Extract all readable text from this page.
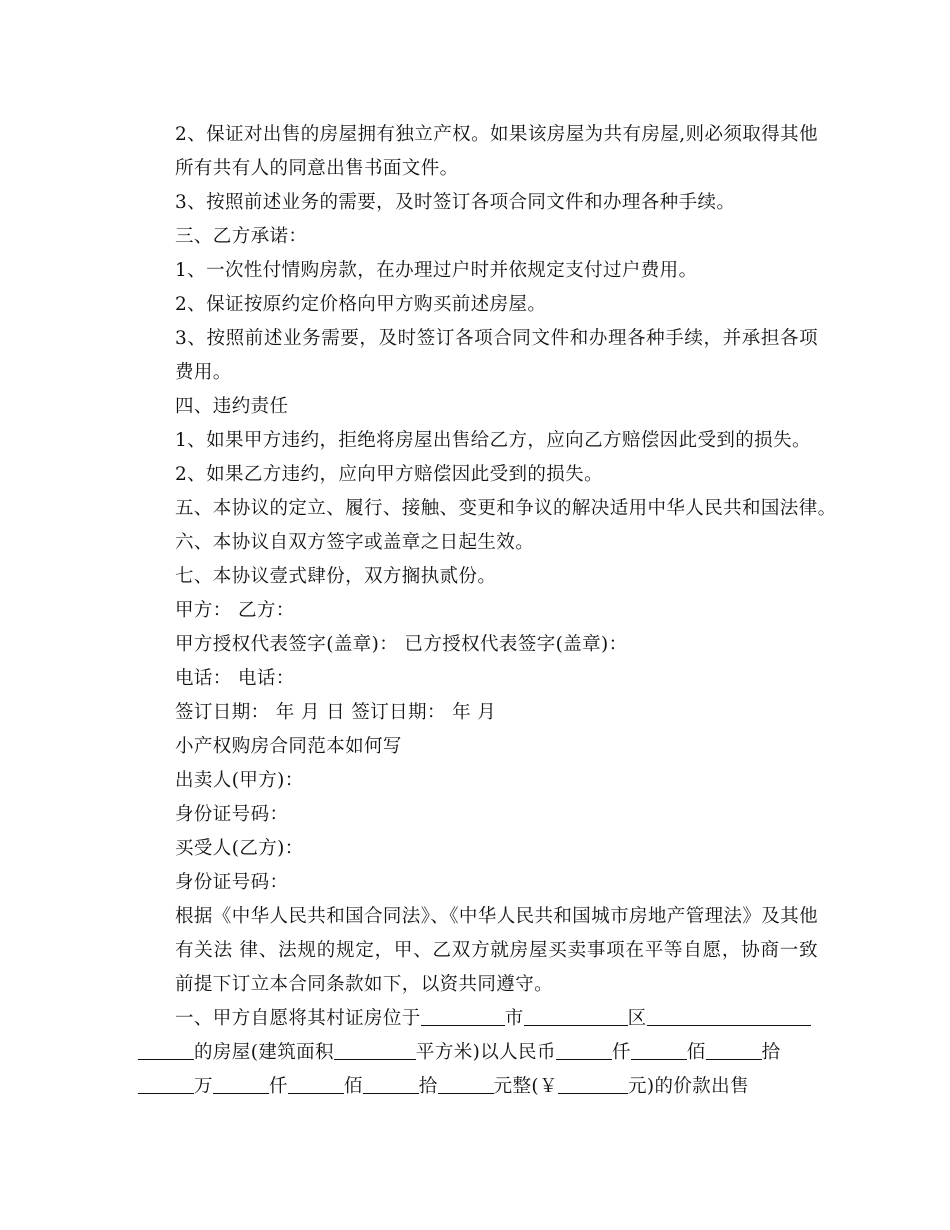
2、保证对出售的房屋拥有独立产权。如果该房屋为共有房屋,则必须取得其他所有共有人的同意出售书面文件。

3、按照前述业务的需要，及时签订各项合同文件和办理各种手续。

三、乙方承诺：

1、一次性付情购房款，在办理过户时并依规定支付过户费用。

2、保证按原约定价格向甲方购买前述房屋。

3、按照前述业务需要，及时签订各项合同文件和办理各种手续，并承担各项费用。

四、违约责任

1、如果甲方违约，拒绝将房屋出售给乙方，应向乙方赔偿因此受到的损失。

2、如果乙方违约，应向甲方赔偿因此受到的损失。

五、本协议的定立、履行、接触、变更和争议的解决适用中华人民共和国法律。

六、本协议自双方签字或盖章之日起生效。

七、本协议壹式肆份，双方搁执贰份。

甲方： 乙方：

甲方授权代表签字(盖章)： 已方授权代表签字(盖章)：

电话： 电话：

签订日期： 年 月 日 签订日期： 年 月

小产权购房合同范本如何写

出卖人(甲方)：

身份证号码：

买受人(乙方)：

身份证号码：

根据《中华人民共和国合同法》、《中华人民共和国城市房地产管理法》及其他有关法 律、法规的规定，甲、乙双方就房屋买卖事项在平等自愿，协商一致前提下订立本合同条款如下，以资共同遵守。

一、甲方自愿将其村证房位于	市	区

的房屋(建筑面积	平方米)以人民币	仟	佰	拾

万	仟	佰	拾	元整(￥	元)的价款出售
